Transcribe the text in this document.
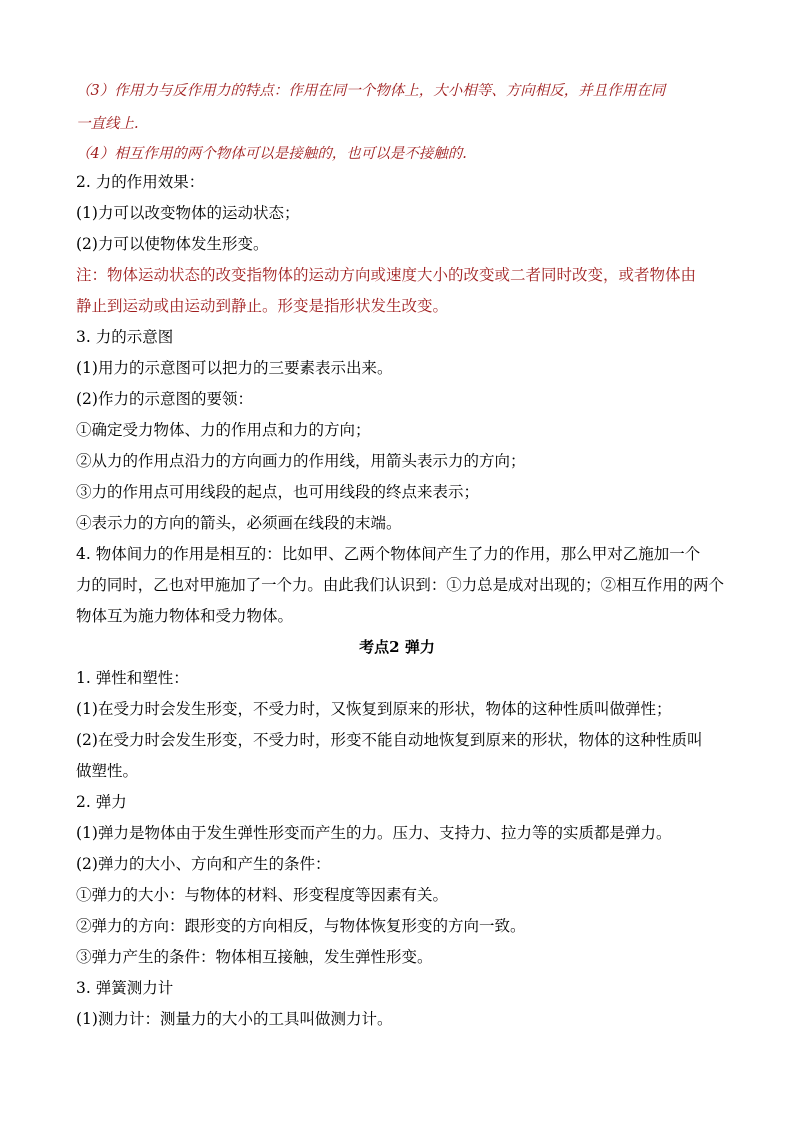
（3）作用力与反作用力的特点：作用在同一个物体上，大小相等、方向相反，并且作用在同
一直线上.
（4）相互作用的两个物体可以是接触的，也可以是不接触的.
2. 力的作用效果：
(1)力可以改变物体的运动状态；
(2)力可以使物体发生形变。
注：物体运动状态的改变指物体的运动方向或速度大小的改变或二者同时改变，或者物体由
静止到运动或由运动到静止。形变是指形状发生改变。
3. 力的示意图
(1)用力的示意图可以把力的三要素表示出来。
(2)作力的示意图的要领：
①确定受力物体、力的作用点和力的方向；
②从力的作用点沿力的方向画力的作用线，用箭头表示力的方向；
③力的作用点可用线段的起点，也可用线段的终点来表示；
④表示力的方向的箭头，必须画在线段的末端。
4. 物体间力的作用是相互的：比如甲、乙两个物体间产生了力的作用，那么甲对乙施加一个
力的同时，乙也对甲施加了一个力。由此我们认识到：①力总是成对出现的；②相互作用的两个
物体互为施力物体和受力物体。
考点2 弹力
1. 弹性和塑性：
(1)在受力时会发生形变，不受力时，又恢复到原来的形状，物体的这种性质叫做弹性；
(2)在受力时会发生形变，不受力时，形变不能自动地恢复到原来的形状，物体的这种性质叫
做塑性。
2. 弹力
(1)弹力是物体由于发生弹性形变而产生的力。压力、支持力、拉力等的实质都是弹力。
(2)弹力的大小、方向和产生的条件：
①弹力的大小：与物体的材料、形变程度等因素有关。
②弹力的方向：跟形变的方向相反，与物体恢复形变的方向一致。
③弹力产生的条件：物体相互接触，发生弹性形变。
3. 弹簧测力计
(1)测力计：测量力的大小的工具叫做测力计。
